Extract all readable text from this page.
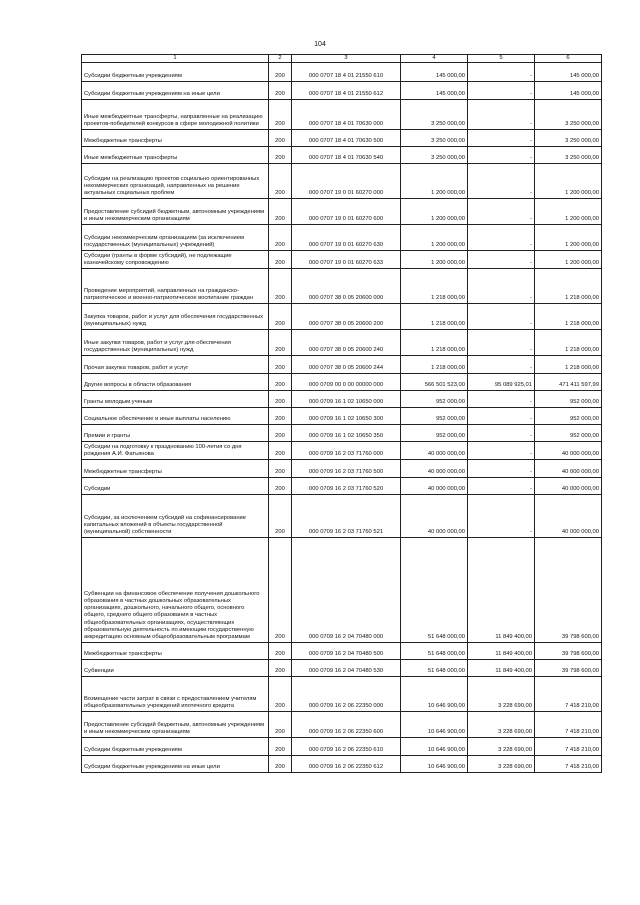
104
1	2	3	4	5	6
Субсидии бюджетным учреждениям	200	000 0707 18 4 01 21550 610	145 000,00	-	145 000,00
Субсидии бюджетным учреждениям на иные цели	200	000 0707 18 4 01 21550 612	145 000,00	-	145 000,00
Иные межбюджетные трансферты, направленные на реализацию проектов-победителей конкурсов в сфере молодежной политики	200	000 0707 18 4 01 70630 000	3 250 000,00	-	3 250 000,00
Межбюджетные трансферты	200	000 0707 18 4 01 70630 500	3 250 000,00	-	3 250 000,00
Иные межбюджетные трансферты	200	000 0707 18 4 01 70630 540	3 250 000,00	-	3 250 000,00
Субсидии на реализацию проектов социально ориентированных некоммерческих организаций, направленных на решение актуальных социальных проблем	200	000 0707 19 0 01 60270 000	1 200 000,00	-	1 200 000,00
Предоставление субсидий бюджетным, автономным учреждениям и иным некоммерческим организациям	200	000 0707 19 0 01 60270 600	1 200 000,00	-	1 200 000,00
Субсидии некоммерческим организациям (за исключением государственных (муниципальных) учреждений)	200	000 0707 19 0 01 60270 630	1 200 000,00	-	1 200 000,00
Субсидии (гранты в форме субсидий), не подлежащие казначейскому сопровождению	200	000 0707 19 0 01 60270 633	1 200 000,00	-	1 200 000,00
Проведение мероприятий, направленных на гражданско-патриотическое и военно-патриотическое воспитание граждан	200	000 0707 38 0 05 20600 000	1 218 000,00	-	1 218 000,00
Закупка товаров, работ и услуг для обеспечения государственных (муниципальных) нужд	200	000 0707 38 0 05 20600 200	1 218 000,00	-	1 218 000,00
Иные закупки товаров, работ и услуг для обеспечения государственных (муниципальных) нужд	200	000 0707 38 0 05 20600 240	1 218 000,00	-	1 218 000,00
Прочая закупка товаров, работ и услуг	200	000 0707 38 0 05 20600 244	1 218 000,00	-	1 218 000,00
Другие вопросы в области образования	200	000 0709 00 0 00 00000 000	566 501 523,00	95 089 925,01	471 411 597,99
Гранты молодым ученым	200	000 0709 16 1 02 10650 000	952 000,00	-	952 000,00
Социальное обеспечение и иные выплаты населению	200	000 0709 16 1 02 10650 300	952 000,00	-	952 000,00
Премии и гранты	200	000 0709 16 1 02 10650 350	952 000,00	-	952 000,00
Субсидии на подготовку к празднованию 100-летия со дня рождения А.И. Фатьянова	200	000 0709 16 2 03 71760 000	40 000 000,00	-	40 000 000,00
Межбюджетные трансферты	200	000 0709 16 2 03 71760 500	40 000 000,00	-	40 000 000,00
Субсидии	200	000 0709 16 2 03 71760 520	40 000 000,00	-	40 000 000,00
Субсидии, за исключением субсидий на софинансирование капитальных вложений в объекты государственной (муниципальной) собственности	200	000 0709 16 2 03 71760 521	40 000 000,00	-	40 000 000,00
Субвенции на финансовое обеспечение получения дошкольного образования в частных дошкольных образовательных организациях, дошкольного, начального общего, основного общего, среднего общего образования в частных общеобразовательных организациях, осуществляющих образовательную деятельность по имеющим государственную аккредитацию основным общеобразовательным программам	200	000 0709 16 2 04 70480 000	51 648 000,00	11 849 400,00	39 798 600,00
Межбюджетные трансферты	200	000 0709 16 2 04 70480 500	51 648 000,00	11 849 400,00	39 798 600,00
Субвенции	200	000 0709 16 2 04 70480 530	51 648 000,00	11 849 400,00	39 798 600,00
Возмещение части затрат в связи с предоставлением учителям общеобразовательных учреждений ипотечного кредита	200	000 0709 16 2 06 22350 000	10 646 900,00	3 228 690,00	7 418 210,00
Предоставление субсидий бюджетным, автономным учреждениям и иным некоммерческим организациям	200	000 0709 16 2 06 22350 600	10 646 900,00	3 228 690,00	7 418 210,00
Субсидии бюджетным учреждениям	200	000 0709 16 2 06 22350 610	10 646 900,00	3 228 690,00	7 418 210,00
Субсидии бюджетным учреждениям на иные цели	200	000 0709 16 2 06 22350 612	10 646 900,00	3 228 690,00	7 418 210,00
